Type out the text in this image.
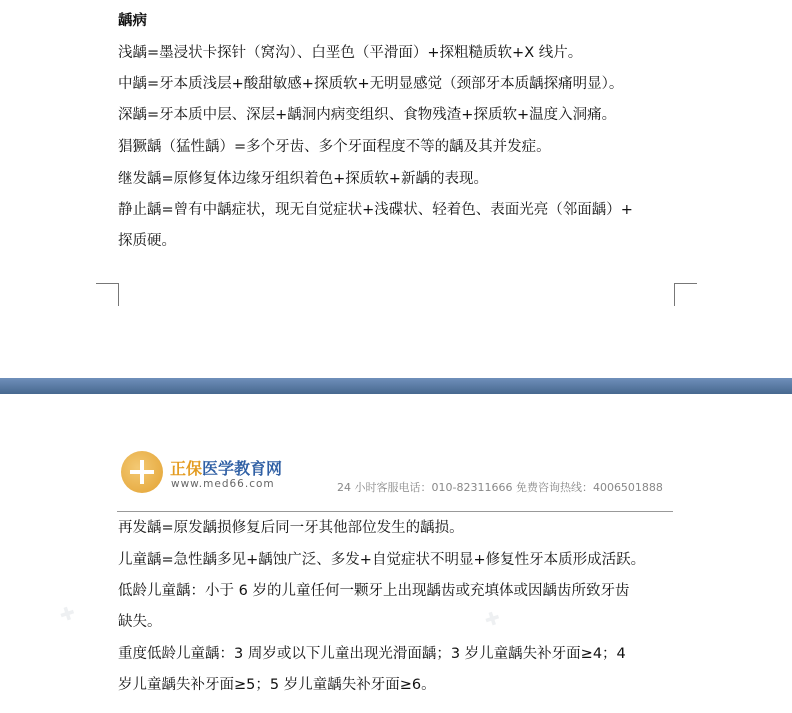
龋病
浅龋=墨浸状卡探针（窝沟）、白垩色（平滑面）+探粗糙质软+X 线片。
中龋=牙本质浅层+酸甜敏感+探质软+无明显感觉（颈部牙本质龋探痛明显）。
深龋=牙本质中层、深层+龋洞内病变组织、食物残渣+探质软+温度入洞痛。
猖獗龋（猛性龋）=多个牙齿、多个牙面程度不等的龋及其并发症。
继发龋=原修复体边缘牙组织着色+探质软+新龋的表现。
静止龋=曾有中龋症状，现无自觉症状+浅碟状、轻着色、表面光亮（邻面龋）+
探质硬。
正保医学教育网
www.med66.com	24 小时客服电话：010-82311666 免费咨询热线：4006501888
✚	✚
再发龋=原发龋损修复后同一牙其他部位发生的龋损。
儿童龋=急性龋多见+龋蚀广泛、多发+自觉症状不明显+修复性牙本质形成活跃。
低龄儿童龋：小于 6 岁的儿童任何一颗牙上出现龋齿或充填体或因龋齿所致牙齿
缺失。
重度低龄儿童龋：3 周岁或以下儿童出现光滑面龋；3 岁儿童龋失补牙面≥4；4
岁儿童龋失补牙面≥5；5 岁儿童龋失补牙面≥6。
